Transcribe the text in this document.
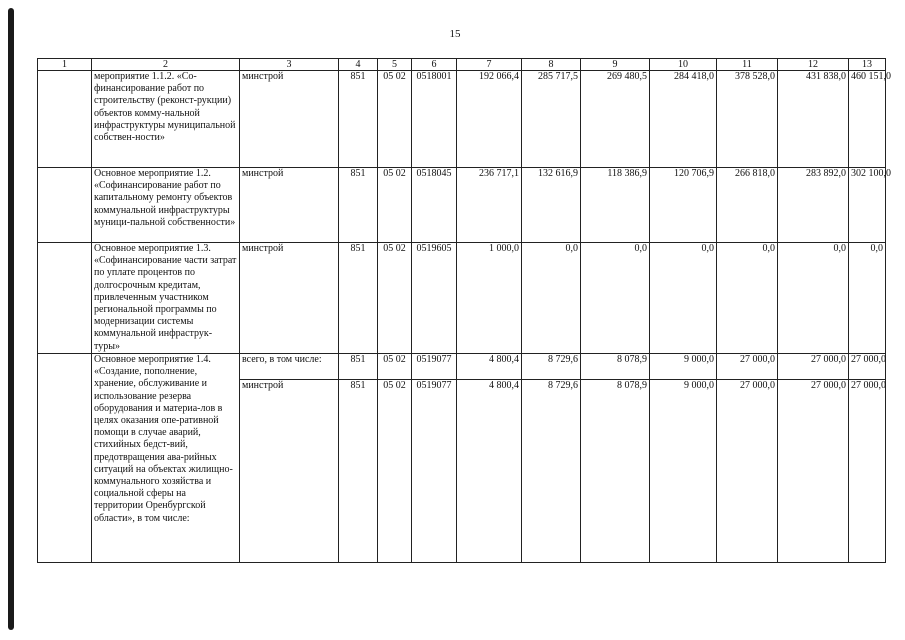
15
1	2	3	4	5	6	7	8	9	10	11	12	13
	мероприятие 1.1.2. «Со-финансирование работ по строительству (реконст-рукции) объектов комму-нальной инфраструктуры муниципальной собствен-ности»	минстрой	851	05 02	0518001	192 066,4	285 717,5	269 480,5	284 418,0	378 528,0	431 838,0	460 151,0
	Основное мероприятие 1.2. «Софинансирование работ по капитальному ремонту объектов коммунальной инфраструктуры муници-пальной собственности»	минстрой	851	05 02	0518045	236 717,1	132 616,9	118 386,9	120 706,9	266 818,0	283 892,0	302 100,0
	Основное мероприятие 1.3. «Софинансирование части затрат по уплате процентов по долгосрочным кредитам, привлеченным участником региональной программы по модернизации системы коммунальной инфраструк-туры»	минстрой	851	05 02	0519605	1 000,0	0,0	0,0	0,0	0,0	0,0	0,0
	Основное мероприятие 1.4. «Создание, пополнение, хранение, обслуживание и использование резерва оборудования и материа-лов в целях оказания опе-ративной помощи в случае аварий, стихийных бедст-вий, предотвращения ава-рийных ситуаций на объектах жилищно-коммунального хозяйства и социальной сферы на территории Оренбургской области», в том числе:	всего, в том числе:	851	05 02	0519077	4 800,4	8 729,6	8 078,9	9 000,0	27 000,0	27 000,0	27 000,0
		минстрой	851	05 02	0519077	4 800,4	8 729,6	8 078,9	9 000,0	27 000,0	27 000,0	27 000,0
